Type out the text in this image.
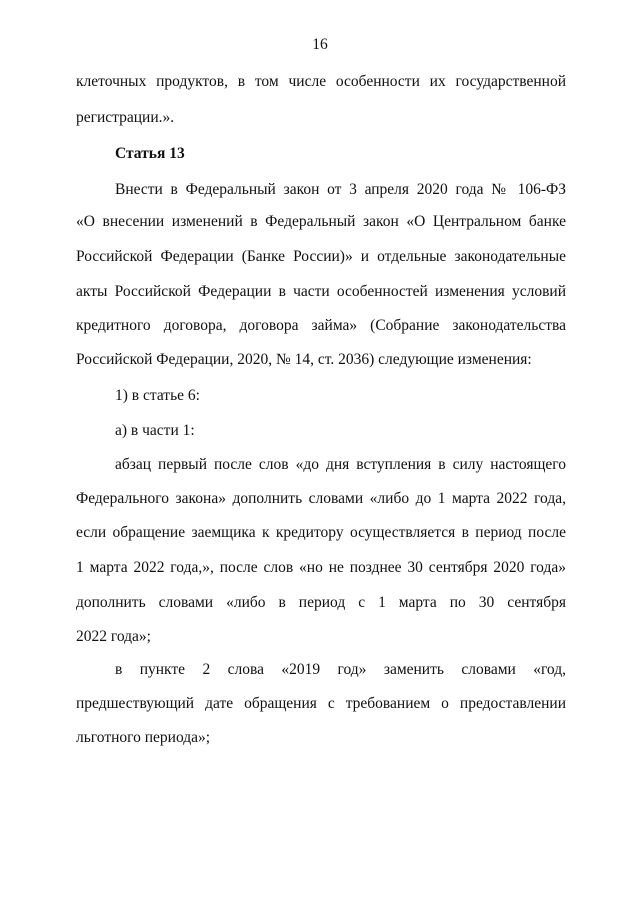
16
клеточных продуктов, в том числе особенности их государственной
регистрации.».
Статья 13
Внести в Федеральный закон от 3 апреля 2020 года № 106-ФЗ
«О внесении изменений в Федеральный закон «О Центральном банке
Российской Федерации (Банке России)» и отдельные законодательные
акты Российской Федерации в части особенностей изменения условий
кредитного договора, договора займа» (Собрание законодательства
Российской Федерации, 2020, № 14, ст. 2036) следующие изменения:
1) в статье 6:
а) в части 1:
абзац первый после слов «до дня вступления в силу настоящего
Федерального закона» дополнить словами «либо до 1 марта 2022 года,
если обращение заемщика к кредитору осуществляется в период после
1 марта 2022 года,», после слов «но не позднее 30 сентября 2020 года»
дополнить словами «либо в период с 1 марта по 30 сентября
2022 года»;
в пункте 2 слова «2019 год» заменить словами «год,
предшествующий дате обращения с требованием о предоставлении
льготного периода»;
